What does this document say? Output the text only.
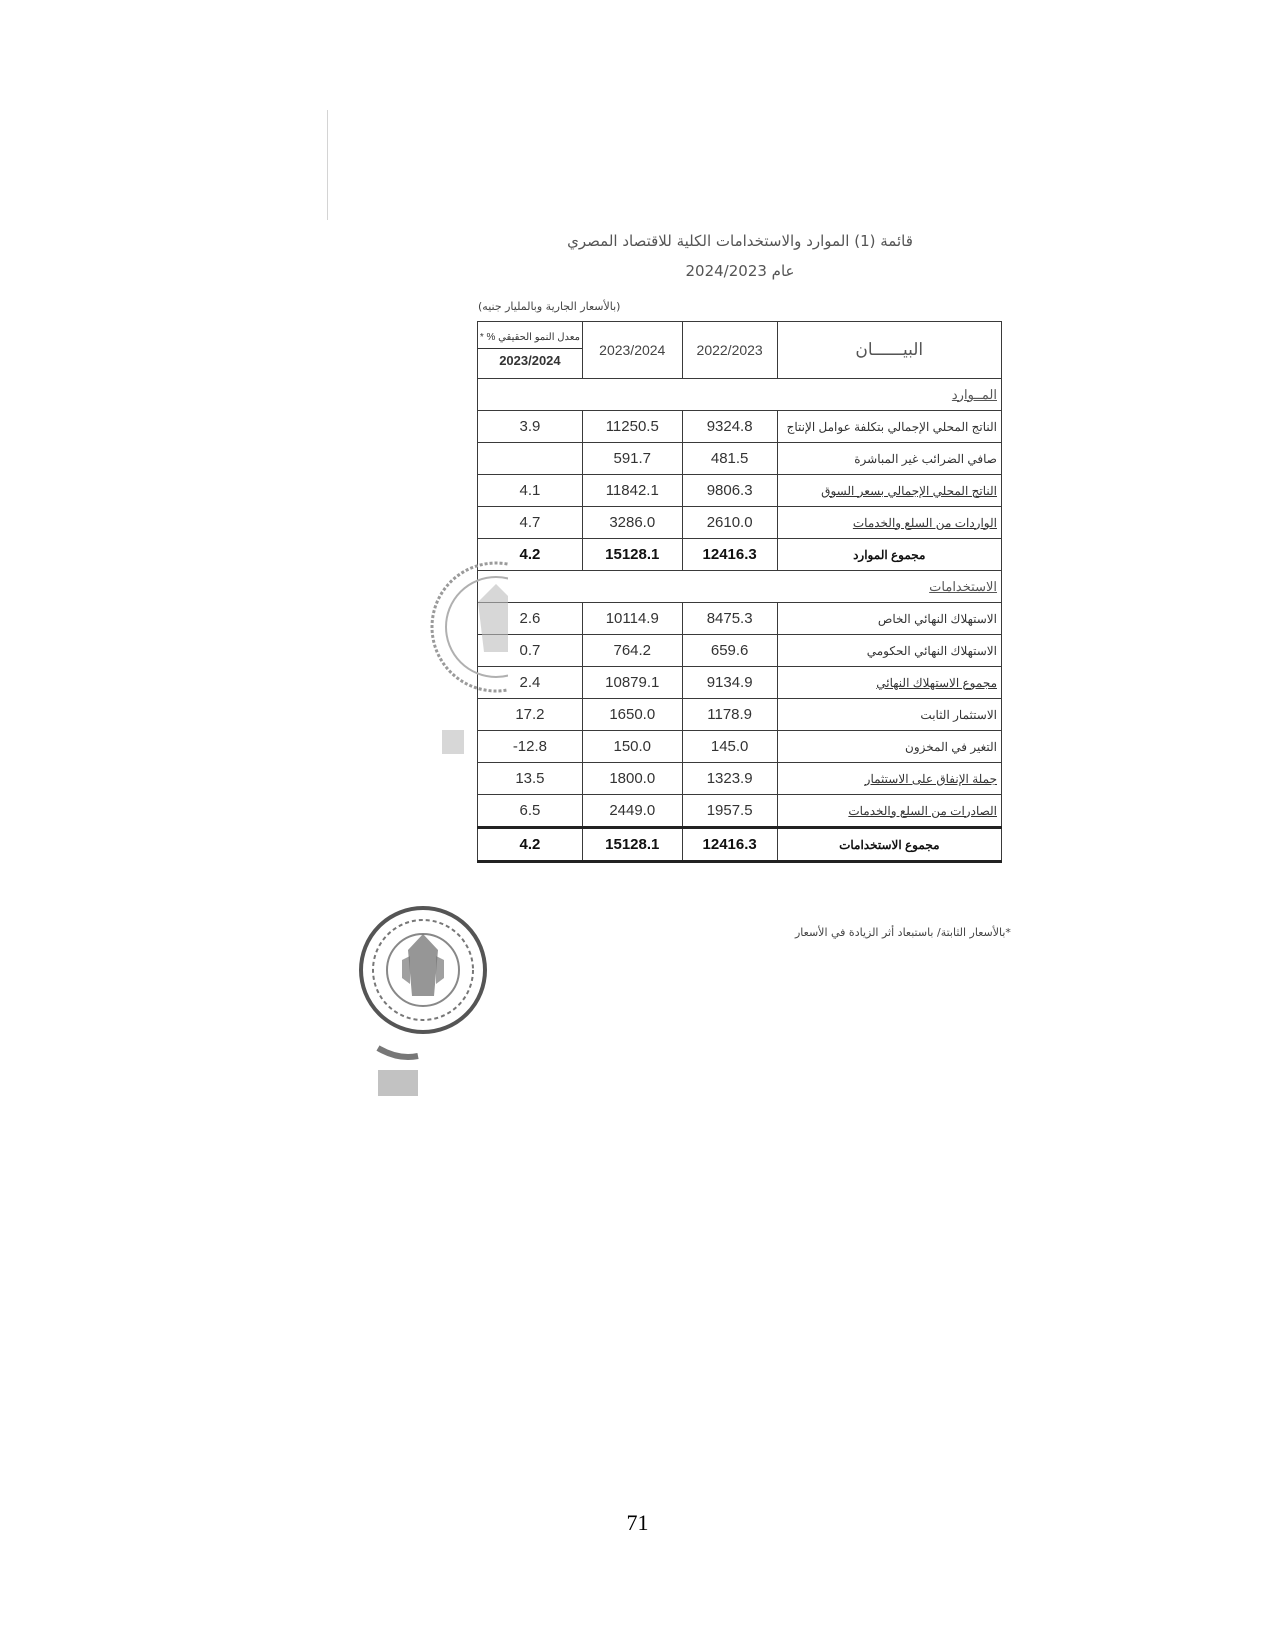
قائمة (1) الموارد والاستخدامات الكلية للاقتصاد المصري
عام 2024/2023
(بالأسعار الجارية وبالمليار جنيه)
معدل النمو الحقيقي % *
2023/2024	2023/2024	2022/2023	البيــــــان
المــوارد			
3.9	11250.5	9324.8	الناتج المحلي الإجمالي بتكلفة عوامل الإنتاج
	591.7	481.5	صافي الضرائب غير المباشرة
4.1	11842.1	9806.3	الناتج المحلي الإجمالي بسعر السوق
4.7	3286.0	2610.0	الواردات من السلع والخدمات
4.2	15128.1	12416.3	مجموع الموارد
الاستخدامات			
2.6	10114.9	8475.3	الاستهلاك النهائي الخاص
0.7	764.2	659.6	الاستهلاك النهائي الحكومي
2.4	10879.1	9134.9	مجموع الاستهلاك النهائي
17.2	1650.0	1178.9	الاستثمار الثابت
-12.8	150.0	145.0	التغير في المخزون
13.5	1800.0	1323.9	جملة الإنفاق على الاستثمار
6.5	2449.0	1957.5	الصادرات من السلع والخدمات
4.2	15128.1	12416.3	مجموع الاستخدامات
*بالأسعار الثابتة/ باستبعاد أثر الزيادة في الأسعار
71
